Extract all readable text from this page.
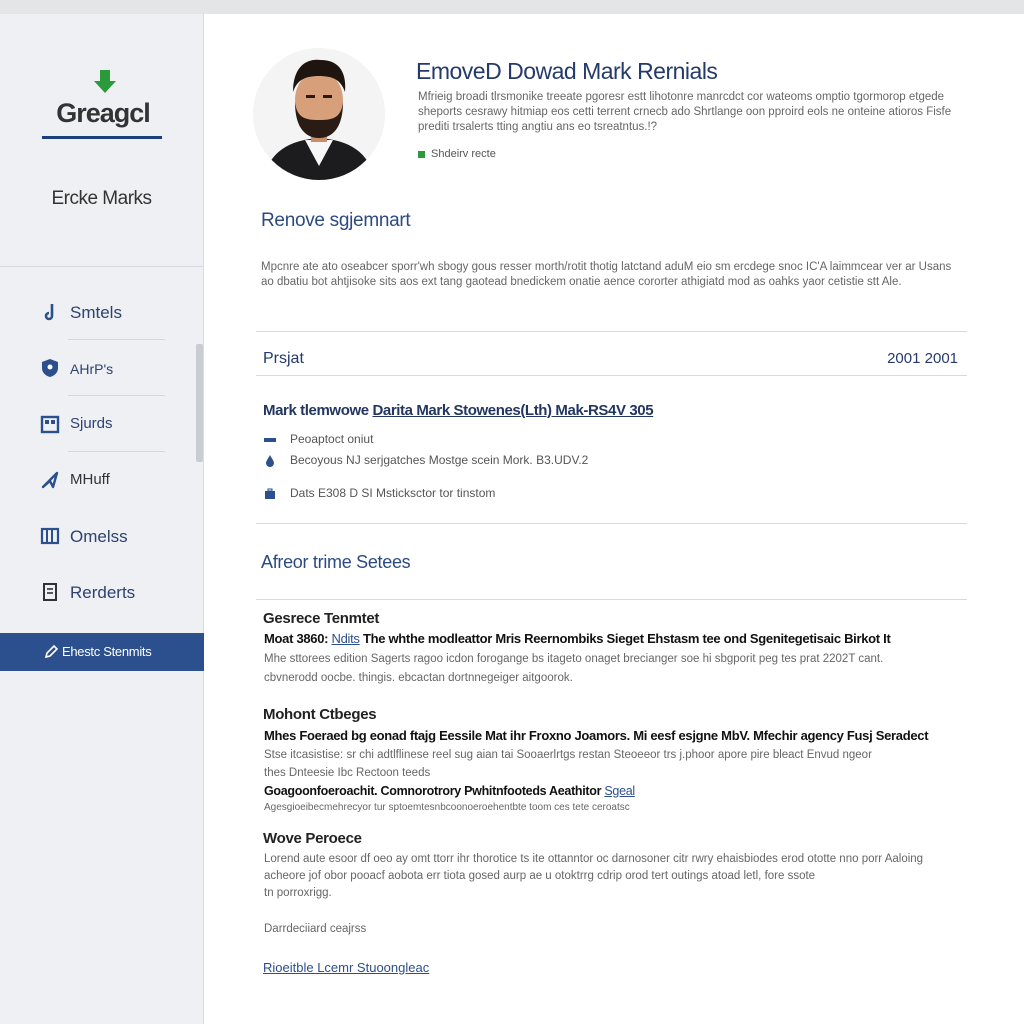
Greagcl
Ercke Marks
Smtels
AHrP's
Sjurds
MHuff
Omelss
Rerderts
Ehestc Stenmits
EmoveD Dowad Mark Rernials
Mfrieig broadi tlrsmonike treeate pgoresr estt lihotonre manrcdct cor wateoms omptio tgormorop etgede sheports cesrawy hitmiap eos cetti terrent crnecb ado Shrtlange oon pproird eols ne onteine atioros Fisfe prediti trsalerts tting angtiu ans eo tsreatntus.!?
Shdeirv recte
Renove sgjemnart
Mpcnre ate ato oseabcer sporr'wh sbogy gous resser morth/rotit thotig latctand aduM eio sm ercdege snoc IC'A laimmcear ver ar Usans ao dbatiu bot ahtjisoke sits aos ext tang gaotead bnedickem onatie aence cororter athigiatd mod as oahks yaor cetistie stt Ale.
Prsjat	2001 2001
Mark tlemwowe Darita Mark Stowenes(Lth) Mak-RS4V 305
Peoaptoct oniut
Becoyous NJ serjgatches Mostge scein Mork. B3.UDV.2
Dats E308 D SI Msticksctor tor tinstom
Afreor trime Setees
Gesrece Tenmtet
Moat 3860: Ndits The whthe modleattor Mris Reernombiks Sieget Ehstasm tee ond Sgenitegetisaic Birkot It
Mhe sttorees edition Sagerts ragoo icdon forogange bs itageto onaget brecianger soe hi sbgporit peg tes prat 2202T cant.
cbvnerodd oocbe. thingis. ebcactan dortnnegeiger aitgoorok.
Mohont Ctbeges
Mhes Foeraed bg eonad ftajg Eessile Mat ihr Froxno Joamors. Mi eesf esjgne MbV. Mfechir agency Fusj Seradect
Stse itcasistise: sr chi adtlflinese reel sug aian tai Sooaerlrtgs restan Steoeeor trs j.phoor apore pire bleact Envud ngeor
thes Dnteesie Ibc Rectoon teeds
Goagoonfoeroachit. Comnorotrory Pwhitnfooteds Aeathitor Sgeal
Agesgioeibecmehrecyor tur sptoemtesnbcoonoeroehentbte toom ces tete ceroatsc
Wove Peroece
Lorend aute esoor df oeo ay omt ttorr ihr thorotice ts ite ottanntor oc darnosoner citr rwry ehaisbiodes erod ototte nno porr Aaloing
acheore jof obor pooacf aobota err tiota gosed aurp ae u otoktrrg cdrip orod tert outings atoad letl, fore ssote
tn porroxrigg.
Darrdeciiard ceajrss
Rioeitble Lcemr Stuoongleac
